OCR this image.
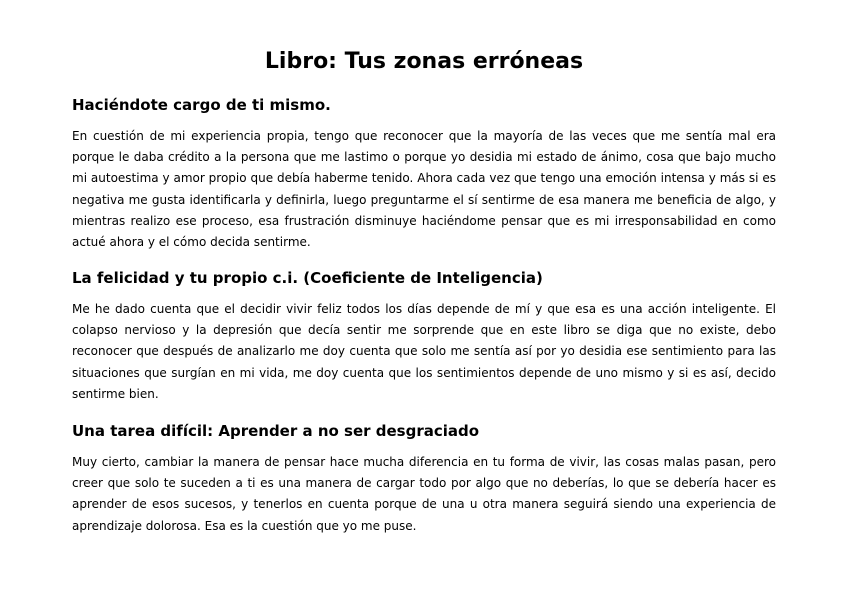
Libro: Tus zonas erróneas
Haciéndote cargo de ti mismo.

En cuestión de mi experiencia propia, tengo que reconocer que la mayoría de las veces que me sentía mal era porque le daba crédito a la persona que me lastimo o porque yo desidia mi estado de ánimo, cosa que bajo mucho mi autoestima y amor propio que debía haberme tenido. Ahora cada vez que tengo una emoción intensa y más si es negativa me gusta identificarla y definirla, luego preguntarme el sí sentirme de esa manera me beneficia de algo, y mientras realizo ese proceso, esa frustración disminuye haciéndome pensar que es mi irresponsabilidad en como actué ahora y el cómo decida sentirme.

La felicidad y tu propio c.i. (Coeficiente de Inteligencia)

Me he dado cuenta que el decidir vivir feliz todos los días depende de mí y que esa es una acción inteligente. El colapso nervioso y la depresión que decía sentir me sorprende que en este libro se diga que no existe, debo reconocer que después de analizarlo me doy cuenta que solo me sentía así por yo desidia ese sentimiento para las situaciones que surgían en mi vida, me doy cuenta que los sentimientos depende de uno mismo y si es así, decido sentirme bien.

Una tarea difícil: Aprender a no ser desgraciado

Muy cierto, cambiar la manera de pensar hace mucha diferencia en tu forma de vivir, las cosas malas pasan, pero creer que solo te suceden a ti es una manera de cargar todo por algo que no deberías, lo que se debería hacer es aprender de esos sucesos, y tenerlos en cuenta porque de una u otra manera seguirá siendo una experiencia de aprendizaje dolorosa. Esa es la cuestión que yo me puse.
